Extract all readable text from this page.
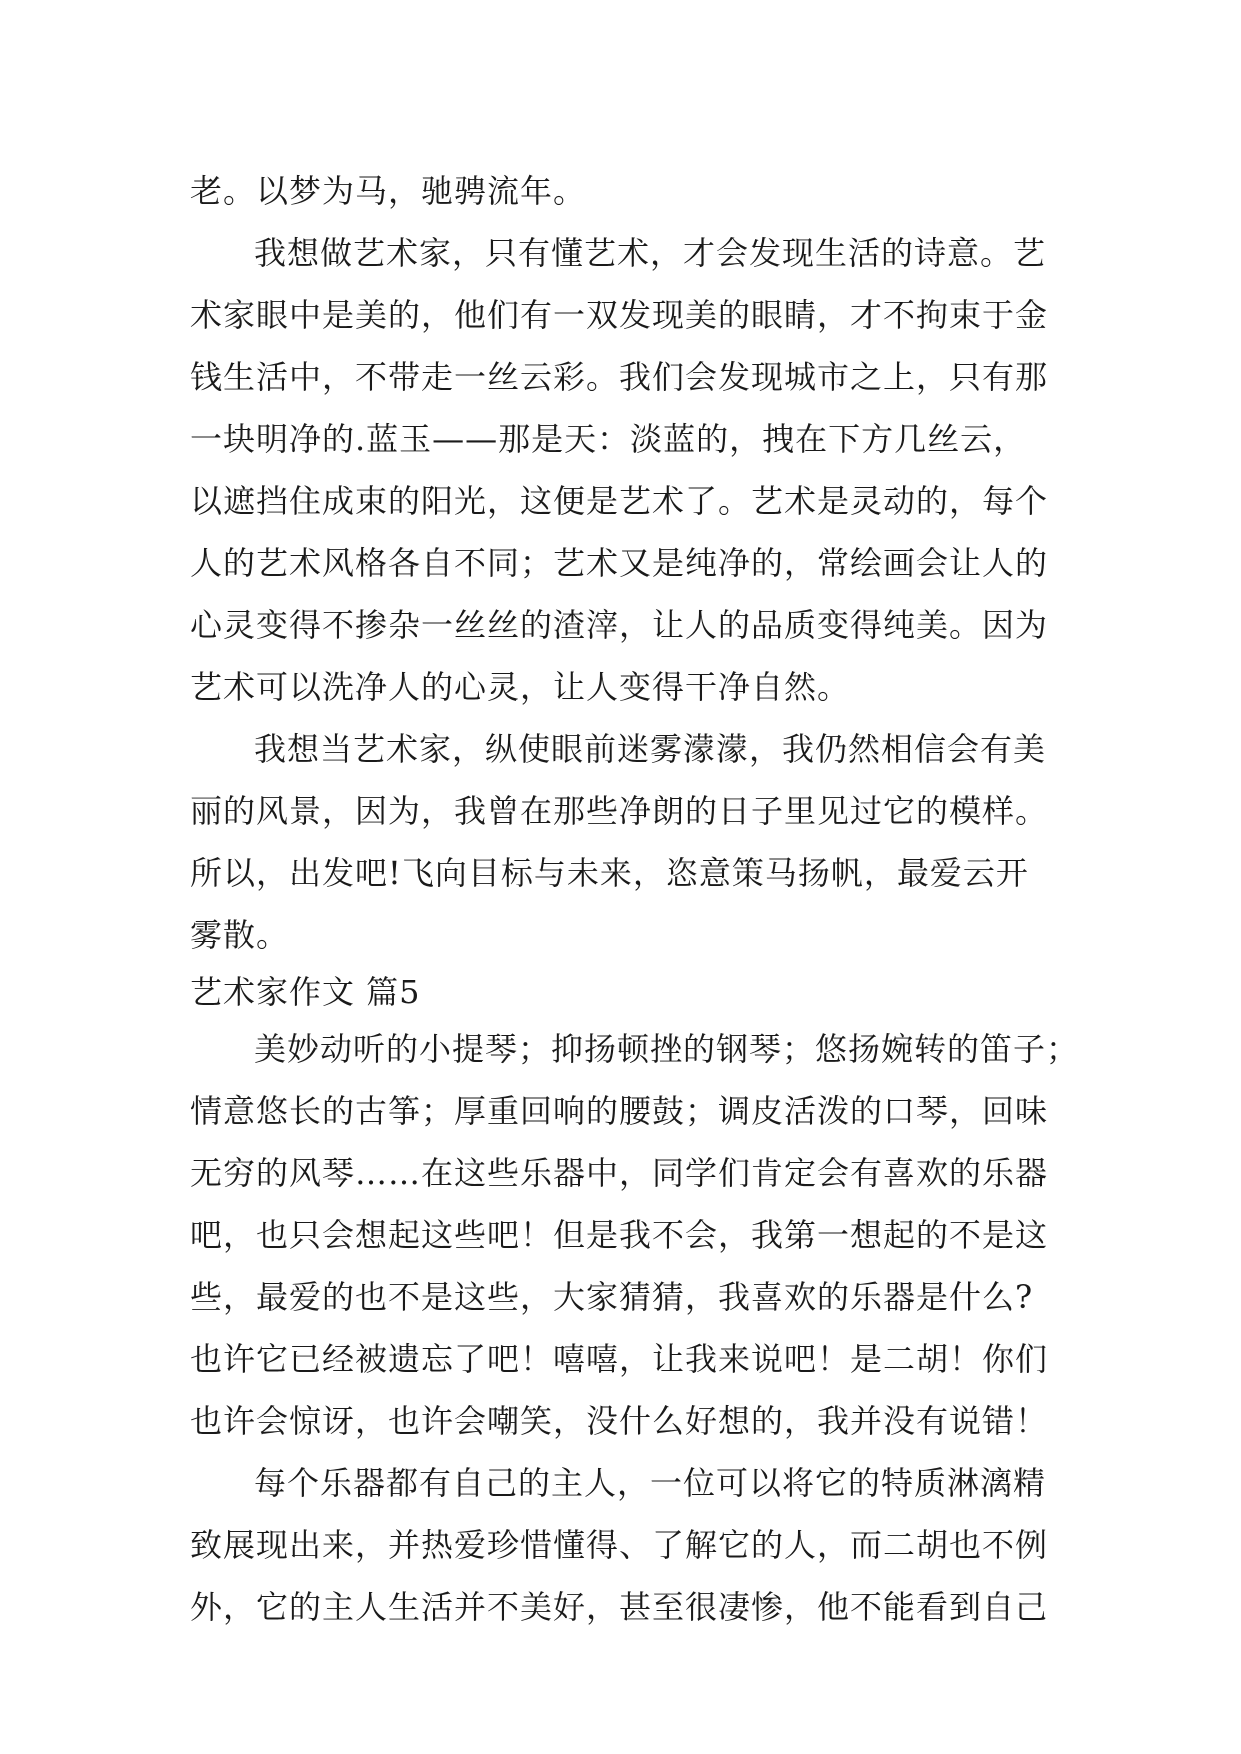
老。以梦为马，驰骋流年。
我想做艺术家，只有懂艺术，才会发现生活的诗意。艺
术家眼中是美的，他们有一双发现美的眼睛，才不拘束于金
钱生活中，不带走一丝云彩。我们会发现城市之上，只有那
一块明净的.蓝玉——那是天：淡蓝的，拽在下方几丝云，
以遮挡住成束的阳光，这便是艺术了。艺术是灵动的，每个
人的艺术风格各自不同；艺术又是纯净的，常绘画会让人的
心灵变得不掺杂一丝丝的渣滓，让人的品质变得纯美。因为
艺术可以洗净人的心灵，让人变得干净自然。
我想当艺术家，纵使眼前迷雾濛濛，我仍然相信会有美
丽的风景，因为，我曾在那些净朗的日子里见过它的模样。
所以，出发吧!飞向目标与未来，恣意策马扬帆，最爱云开
雾散。
艺术家作文 篇5
美妙动听的小提琴；抑扬顿挫的钢琴；悠扬婉转的笛子；
情意悠长的古筝；厚重回响的腰鼓；调皮活泼的口琴，回味
无穷的风琴……在这些乐器中，同学们肯定会有喜欢的乐器
吧，也只会想起这些吧！但是我不会，我第一想起的不是这
些，最爱的也不是这些，大家猜猜，我喜欢的乐器是什么?
也许它已经被遗忘了吧！嘻嘻，让我来说吧！是二胡！你们
也许会惊讶，也许会嘲笑，没什么好想的，我并没有说错！
每个乐器都有自己的主人，一位可以将它的特质淋漓精
致展现出来，并热爱珍惜懂得、了解它的人，而二胡也不例
外，它的主人生活并不美好，甚至很凄惨，他不能看到自己
